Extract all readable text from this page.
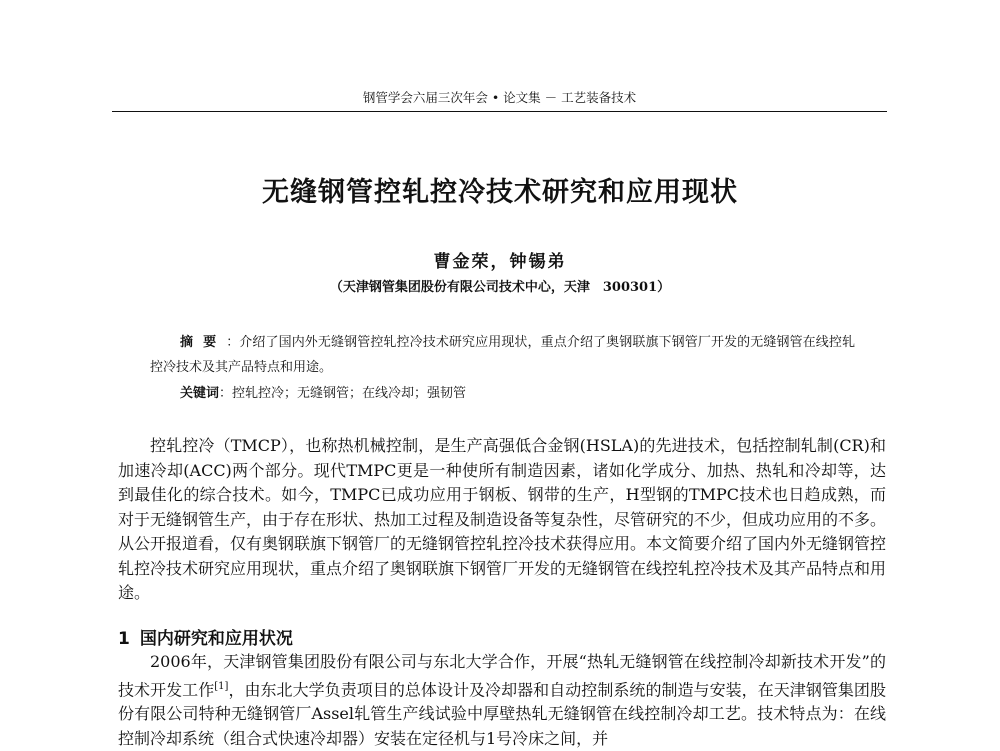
钢管学会六届三次年会 • 论文集 － 工艺装备技术
无缝钢管控轧控冷技术研究和应用现状
曹金荣，钟锡弟
（天津钢管集团股份有限公司技术中心，天津　300301）
摘要：介绍了国内外无缝钢管控轧控冷技术研究应用现状，重点介绍了奥钢联旗下钢管厂开发的无缝钢管在线控轧控冷技术及其产品特点和用途。
关键词：控轧控冷；无缝钢管；在线冷却；强韧管
控轧控冷（TMCP），也称热机械控制，是生产高强低合金钢(HSLA)的先进技术，包括控制轧制(CR)和加速冷却(ACC)两个部分。现代TMPC更是一种使所有制造因素，诸如化学成分、加热、热轧和冷却等，达到最佳化的综合技术。如今，TMPC已成功应用于钢板、钢带的生产，H型钢的TMPC技术也日趋成熟，而对于无缝钢管生产，由于存在形状、热加工过程及制造设备等复杂性，尽管研究的不少，但成功应用的不多。从公开报道看，仅有奥钢联旗下钢管厂的无缝钢管控轧控冷技术获得应用。本文简要介绍了国内外无缝钢管控轧控冷技术研究应用现状，重点介绍了奥钢联旗下钢管厂开发的无缝钢管在线控轧控冷技术及其产品特点和用途。
1 国内研究和应用状况
2006年，天津钢管集团股份有限公司与东北大学合作，开展“热轧无缝钢管在线控制冷却新技术开发”的技术开发工作[1]，由东北大学负责项目的总体设计及冷却器和自动控制系统的制造与安装，在天津钢管集团股份有限公司特种无缝钢管厂Assel轧管生产线试验中厚壁热轧无缝钢管在线控制冷却工艺。技术特点为：在线控制冷却系统（组合式快速冷却器）安装在定径机与1号冷床之间，并
